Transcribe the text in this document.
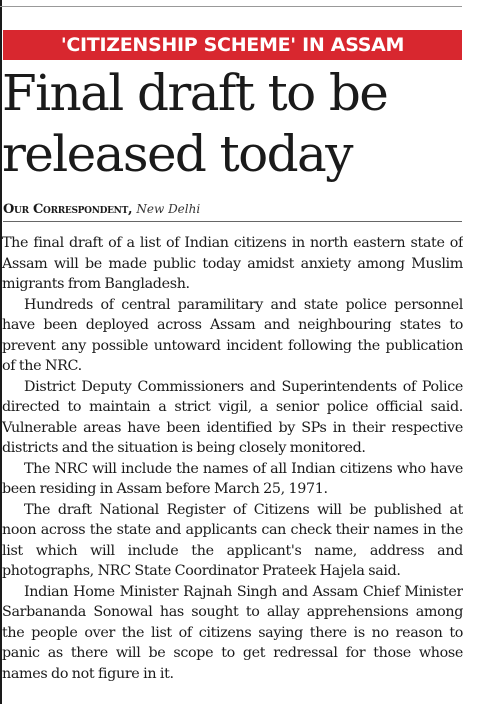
'CITIZENSHIP SCHEME' IN ASSAM
Final draft to be released today
Our Correspondent, New Delhi

The final draft of a list of Indian citizens in north eastern state of Assam will be made public today amidst anxiety among Muslim migrants from Bangladesh.

Hundreds of central paramilitary and state police personnel have been deployed across Assam and neighbouring states to prevent any possible untoward incident following the publication of the NRC.

District Deputy Commissioners and Superintendents of Police directed to maintain a strict vigil, a senior police official said. Vulnerable areas have been identified by SPs in their respective districts and the situation is being closely monitored.

The NRC will include the names of all Indian citizens who have been residing in Assam before March 25, 1971.

The draft National Register of Citizens will be published at noon across the state and applicants can check their names in the list which will include the applicant's name, address and photographs, NRC State Coordinator Prateek Hajela said.

Indian Home Minister Rajnah Singh and Assam Chief Minister Sarbananda Sonowal has sought to allay apprehensions among the people over the list of citizens saying there is no reason to panic as there will be scope to get redressal for those whose names do not figure in it.
